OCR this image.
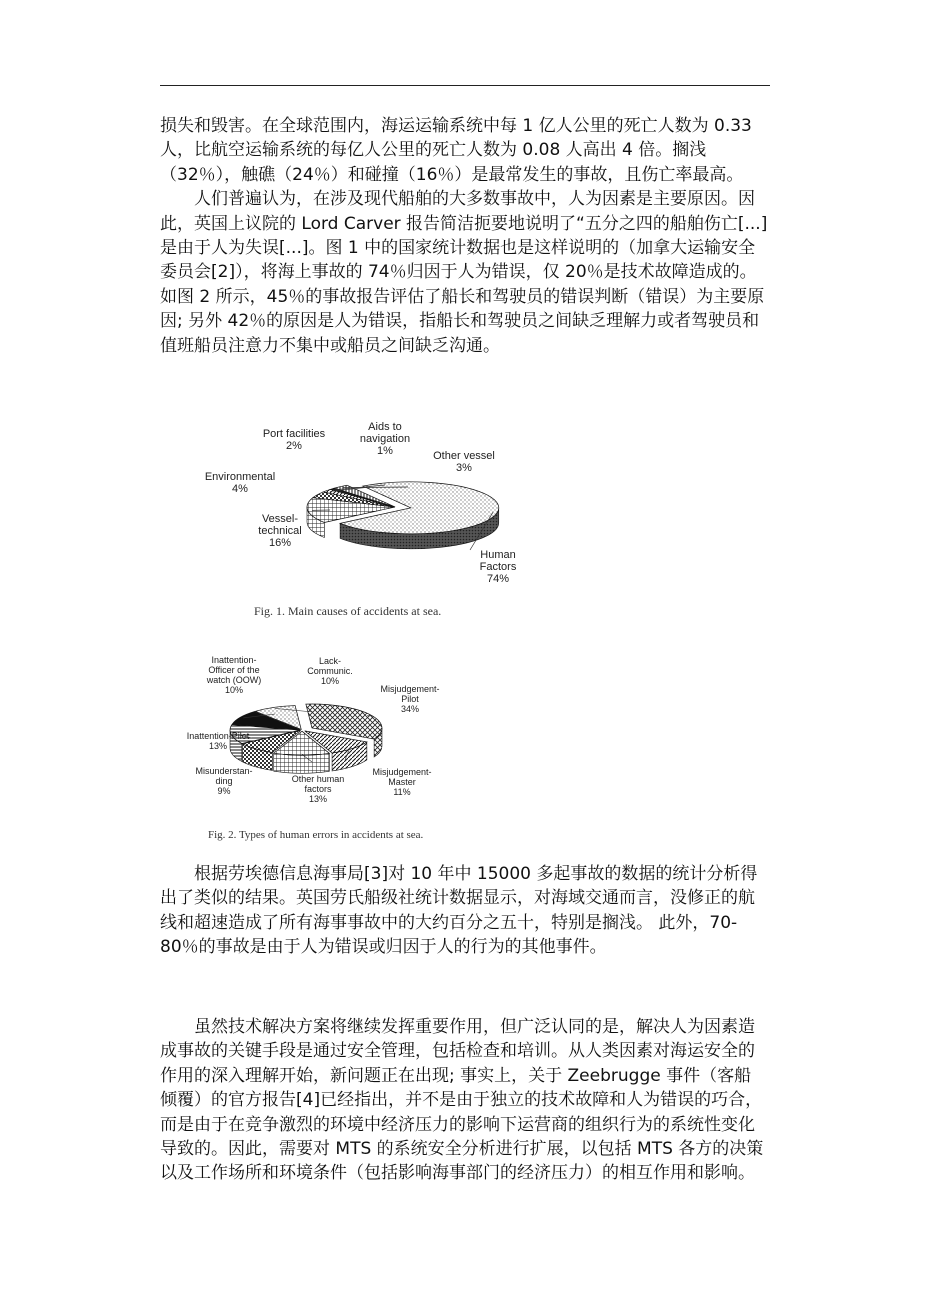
损失和毁害。在全球范围内，海运运输系统中每 1 亿人公里的死亡人数为 0.33 人，比航空运输系统的每亿人公里的死亡人数为 0.08 人高出 4 倍。搁浅（32％），触礁（24％）和碰撞（16％）是最常发生的事故，且伤亡率最高。

人们普遍认为，在涉及现代船舶的大多数事故中，人为因素是主要原因。因此，英国上议院的 Lord Carver 报告简洁扼要地说明了“五分之四的船舶伤亡[...]是由于人为失误[...]。图 1 中的国家统计数据也是这样说明的（加拿大运输安全委员会[2]），将海上事故的 74％归因于人为错误，仅 20％是技术故障造成的。如图 2 所示，45％的事故报告评估了船长和驾驶员的错误判断（错误）为主要原因; 另外 42％的原因是人为错误，指船长和驾驶员之间缺乏理解力或者驾驶员和值班船员注意力不集中或船员之间缺乏沟通。

Human Factors 74%
Vessel-technical 16%
Environmental 4%
Port facilities 2%
Aids to navigation 1%	Other vessel 3%
Fig. 1. Main causes of accidents at sea.
Misjudgement-Pilot 34%
Misjudgement-Master 11%
Other human factors 13%
Misunderstan-ding 9%
Inattention-Pilot 13%
Inattention-Officer of the watch (OOW) 10%
Lack-Communic. 10%
Fig. 2. Types of human errors in accidents at sea.

根据劳埃德信息海事局[3]对 10 年中 15000 多起事故的数据的统计分析得出了类似的结果。英国劳氏船级社统计数据显示，对海域交通而言，没修正的航线和超速造成了所有海事事故中的大约百分之五十，特别是搁浅。 此外，70-80％的事故是由于人为错误或归因于人的行为的其他事件。

虽然技术解决方案将继续发挥重要作用，但广泛认同的是，解决人为因素造成事故的关键手段是通过安全管理，包括检查和培训。从人类因素对海运安全的作用的深入理解开始，新问题正在出现; 事实上，关于 Zeebrugge 事件（客船倾覆）的官方报告[4]已经指出，并不是由于独立的技术故障和人为错误的巧合，而是由于在竞争激烈的环境中经济压力的影响下运营商的组织行为的系统性变化导致的。因此，需要对 MTS 的系统安全分析进行扩展，以包括 MTS 各方的决策以及工作场所和环境条件（包括影响海事部门的经济压力）的相互作用和影响。
